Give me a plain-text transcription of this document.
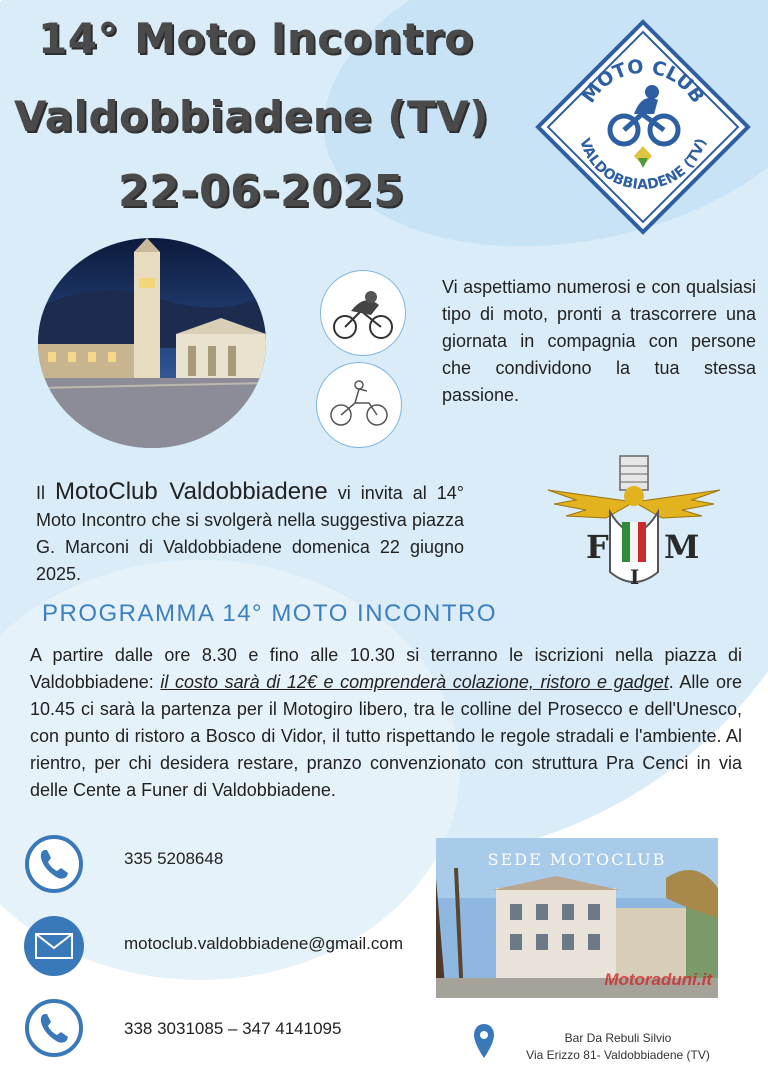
14° Moto Incontro
Valdobbiadene (TV)
22-06-2025
MOTO CLUB
VALDOBBIADENE (TV)
Vi aspettiamo numerosi e con qualsiasi tipo di moto, pronti a trascorrere una giornata in compagnia con persone che condividono la tua stessa passione.
Il MotoClub Valdobbiadene vi invita al 14° Moto Incontro che si svolgerà nella suggestiva piazza G. Marconi di Valdobbiadene domenica 22 giugno 2025.
F M
I
PROGRAMMA 14° MOTO INCONTRO
A partire dalle ore 8.30 e fino alle 10.30 si terranno le iscrizioni nella piazza di Valdobbiadene: il costo sarà di 12€ e comprenderà colazione, ristoro e gadget. Alle ore 10.45 ci sarà la partenza per il Motogiro libero, tra le colline del Prosecco e dell'Unesco, con punto di ristoro a Bosco di Vidor, il tutto rispettando le regole stradali e l'ambiente. Al rientro, per chi desidera restare, pranzo convenzionato con struttura Pra Cenci in via delle Cente a Funer di Valdobbiadene.
335 5208648
motoclub.valdobbiadene@gmail.com
338 3031085 – 347 4141095
SEDE MOTOCLUB
Motoraduni.it
Bar Da Rebuli Silvio
Via Erizzo 81- Valdobbiadene (TV)
